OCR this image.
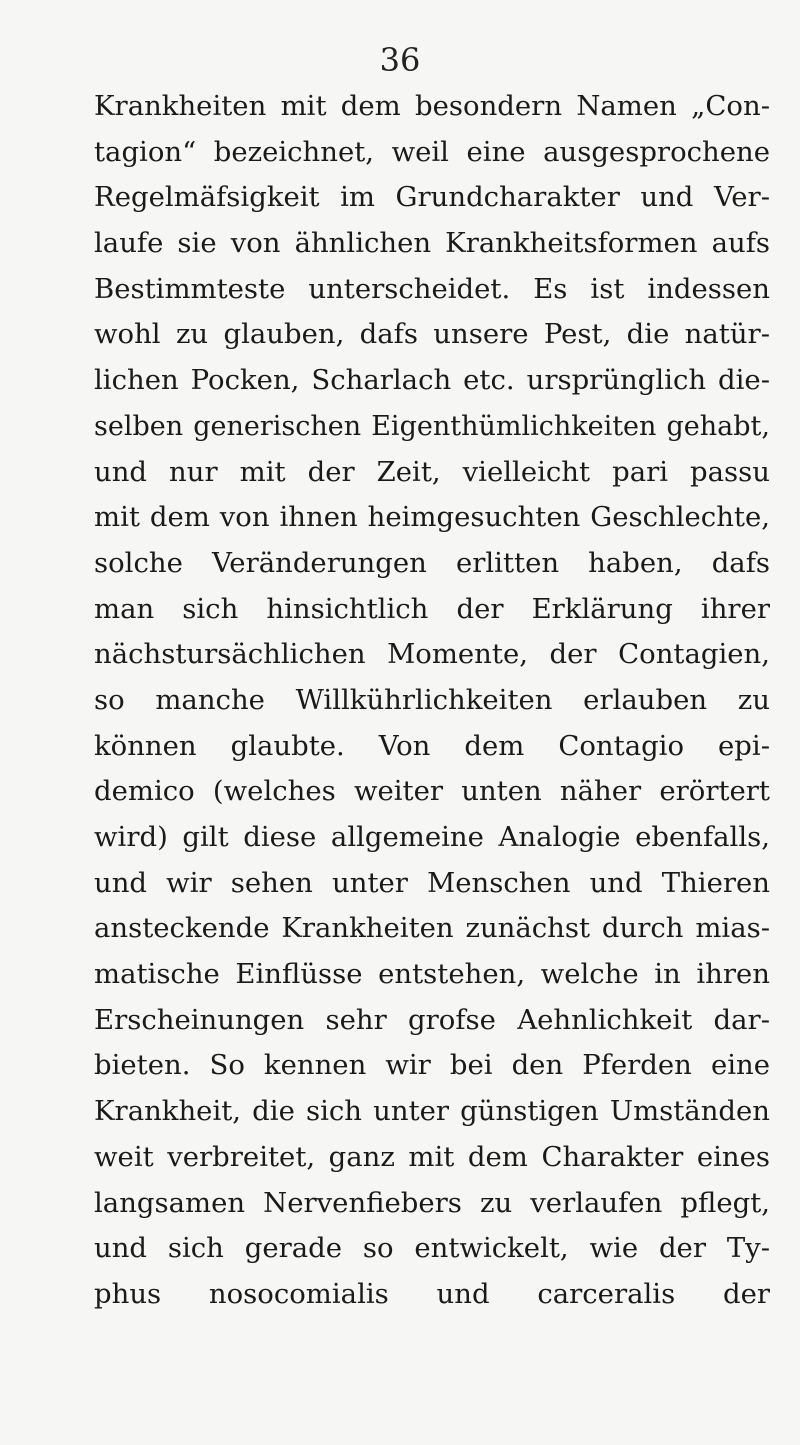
36
Krankheiten mit dem besondern Namen „Con-
tagion“ bezeichnet, weil eine ausgesprochene
Regelmäfsigkeit im Grundcharakter und Ver-
laufe sie von ähnlichen Krankheitsformen aufs
Bestimmteste unterscheidet. Es ist indessen
wohl zu glauben, dafs unsere Pest, die natür-
lichen Pocken, Scharlach etc. ursprünglich die-
selben generischen Eigenthümlichkeiten gehabt,
und nur mit der Zeit, vielleicht pari passu
mit dem von ihnen heimgesuchten Geschlechte,
solche Veränderungen erlitten haben, dafs
man sich hinsichtlich der Erklärung ihrer
nächstursächlichen Momente, der Contagien,
so manche Willkührlichkeiten erlauben zu
können glaubte. Von dem Contagio epi-
demico (welches weiter unten näher erörtert
wird) gilt diese allgemeine Analogie ebenfalls,
und wir sehen unter Menschen und Thieren
ansteckende Krankheiten zunächst durch mias-
matische Einflüsse entstehen, welche in ihren
Erscheinungen sehr grofse Aehnlichkeit dar-
bieten. So kennen wir bei den Pferden eine
Krankheit, die sich unter günstigen Umständen
weit verbreitet, ganz mit dem Charakter eines
langsamen Nervenfiebers zu verlaufen pflegt,
und sich gerade so entwickelt, wie der Ty-
phus nosocomialis und carceralis der
